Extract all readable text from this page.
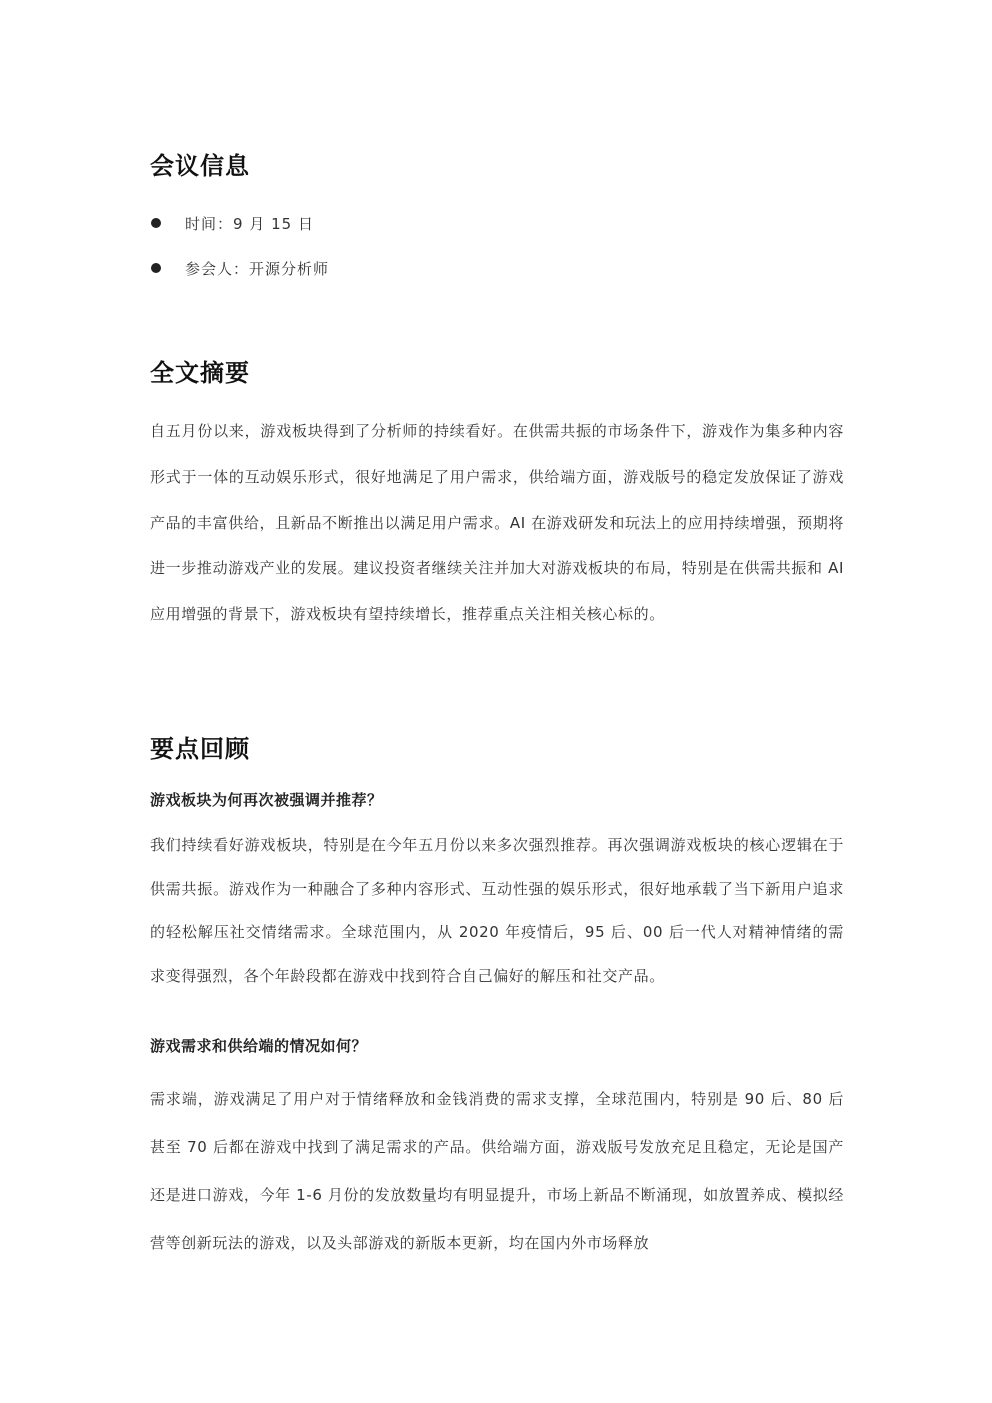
会议信息
时间：9 月 15 日
参会人：开源分析师
全文摘要

自五月份以来，游戏板块得到了分析师的持续看好。在供需共振的市场条件下，游戏作为集多种内容形式于一体的互动娱乐形式，很好地满足了用户需求，供给端方面，游戏版号的稳定发放保证了游戏产品的丰富供给，且新品不断推出以满足用户需求。AI 在游戏研发和玩法上的应用持续增强，预期将进一步推动游戏产业的发展。建议投资者继续关注并加大对游戏板块的布局，特别是在供需共振和 AI 应用增强的背景下，游戏板块有望持续增长，推荐重点关注相关核心标的。

要点回顾

游戏板块为何再次被强调并推荐？

我们持续看好游戏板块，特别是在今年五月份以来多次强烈推荐。再次强调游戏板块的核心逻辑在于供需共振。游戏作为一种融合了多种内容形式、互动性强的娱乐形式，很好地承载了当下新用户追求的轻松解压社交情绪需求。全球范围内，从 2020 年疫情后，95 后、00 后一代人对精神情绪的需求变得强烈，各个年龄段都在游戏中找到符合自己偏好的解压和社交产品。

游戏需求和供给端的情况如何？

需求端，游戏满足了用户对于情绪释放和金钱消费的需求支撑，全球范围内，特别是 90 后、80 后甚至 70 后都在游戏中找到了满足需求的产品。供给端方面，游戏版号发放充足且稳定，无论是国产还是进口游戏，今年 1-6 月份的发放数量均有明显提升，市场上新品不断涌现，如放置养成、模拟经营等创新玩法的游戏，以及头部游戏的新版本更新，均在国内外市场释放
